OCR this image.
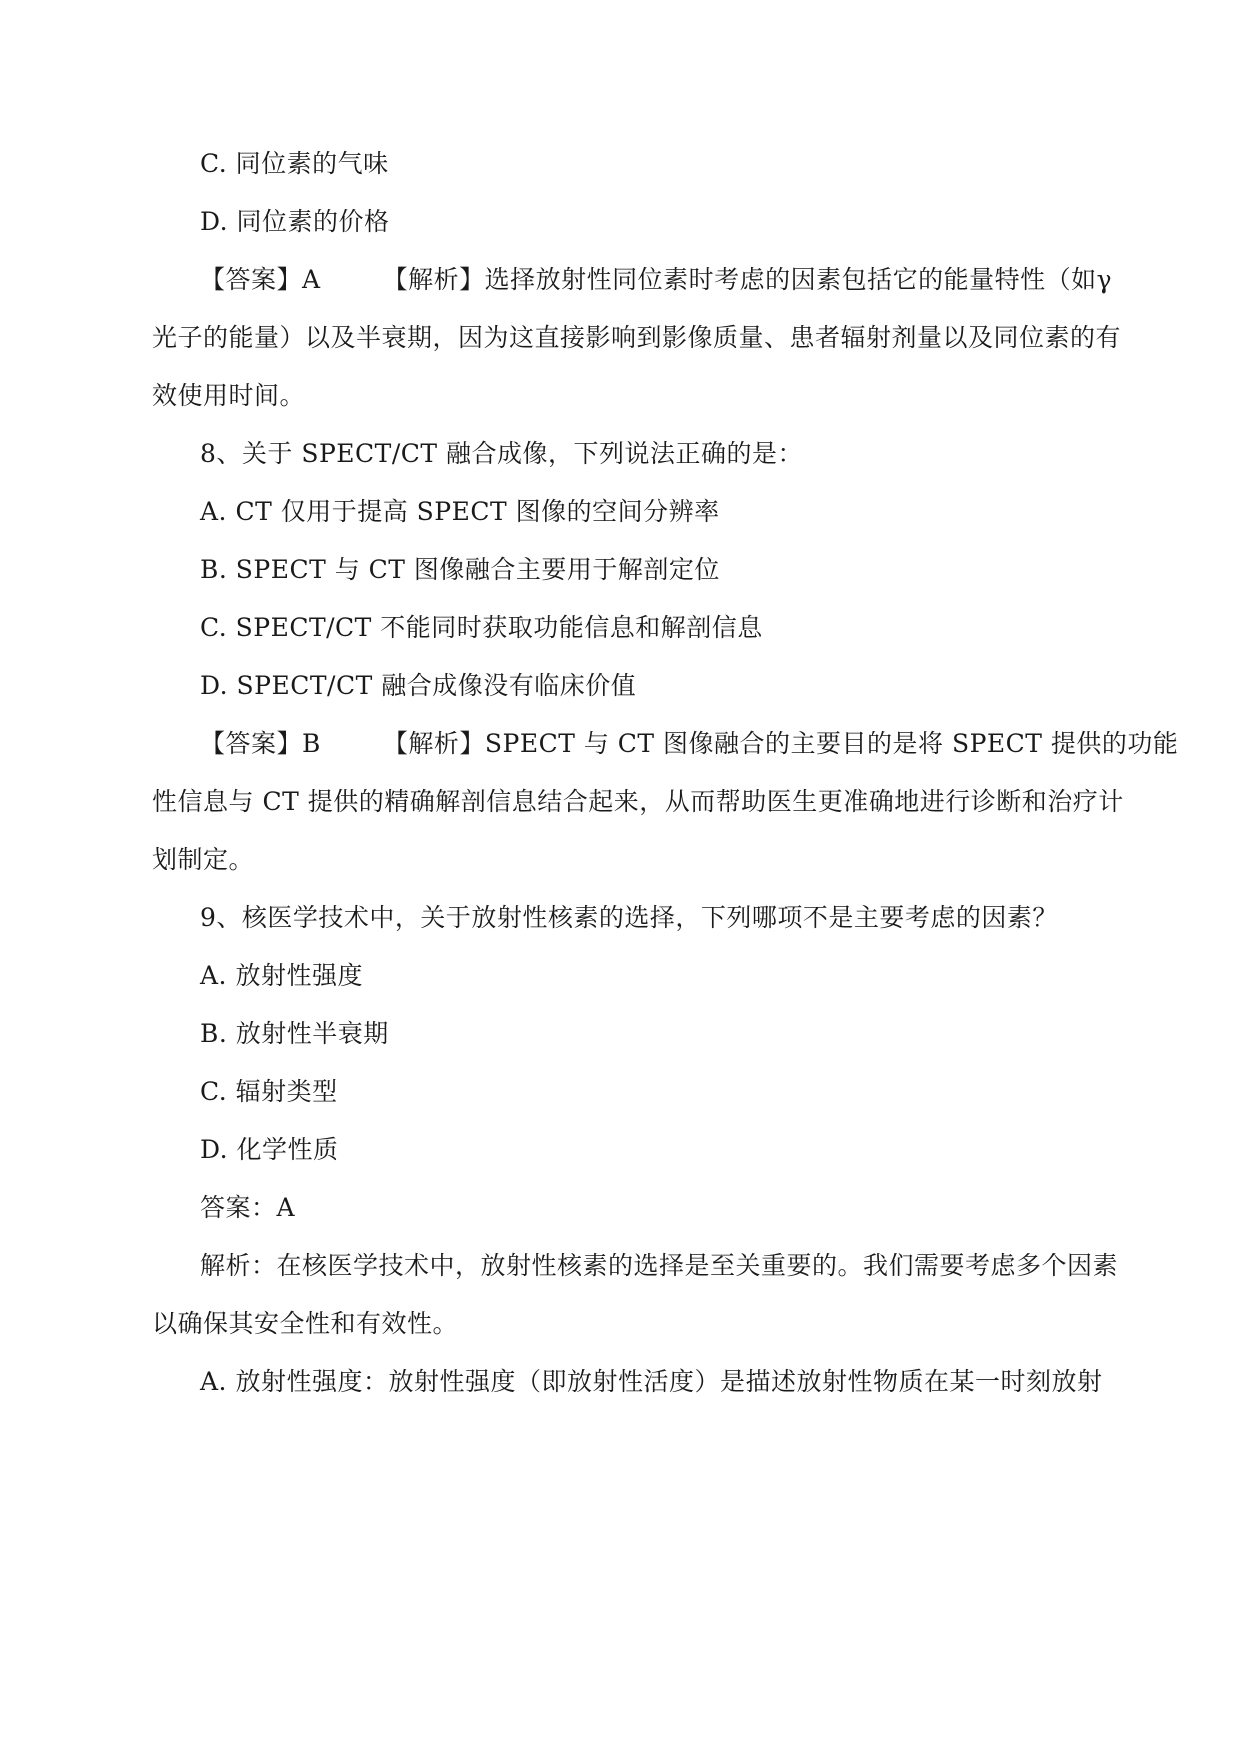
C. 同位素的气味
D. 同位素的价格
【答案】A 【解析】选择放射性同位素时考虑的因素包括它的能量特性（如γ
光子的能量）以及半衰期，因为这直接影响到影像质量、患者辐射剂量以及同位素的有
效使用时间。
8、关于 SPECT/CT 融合成像，下列说法正确的是：
A. CT 仅用于提高 SPECT 图像的空间分辨率
B. SPECT 与 CT 图像融合主要用于解剖定位
C. SPECT/CT 不能同时获取功能信息和解剖信息
D. SPECT/CT 融合成像没有临床价值
【答案】B 【解析】SPECT 与 CT 图像融合的主要目的是将 SPECT 提供的功能
性信息与 CT 提供的精确解剖信息结合起来，从而帮助医生更准确地进行诊断和治疗计
划制定。
9、核医学技术中，关于放射性核素的选择，下列哪项不是主要考虑的因素？
A. 放射性强度
B. 放射性半衰期
C. 辐射类型
D. 化学性质
答案：A
解析：在核医学技术中，放射性核素的选择是至关重要的。我们需要考虑多个因素
以确保其安全性和有效性。
A. 放射性强度：放射性强度（即放射性活度）是描述放射性物质在某一时刻放射
